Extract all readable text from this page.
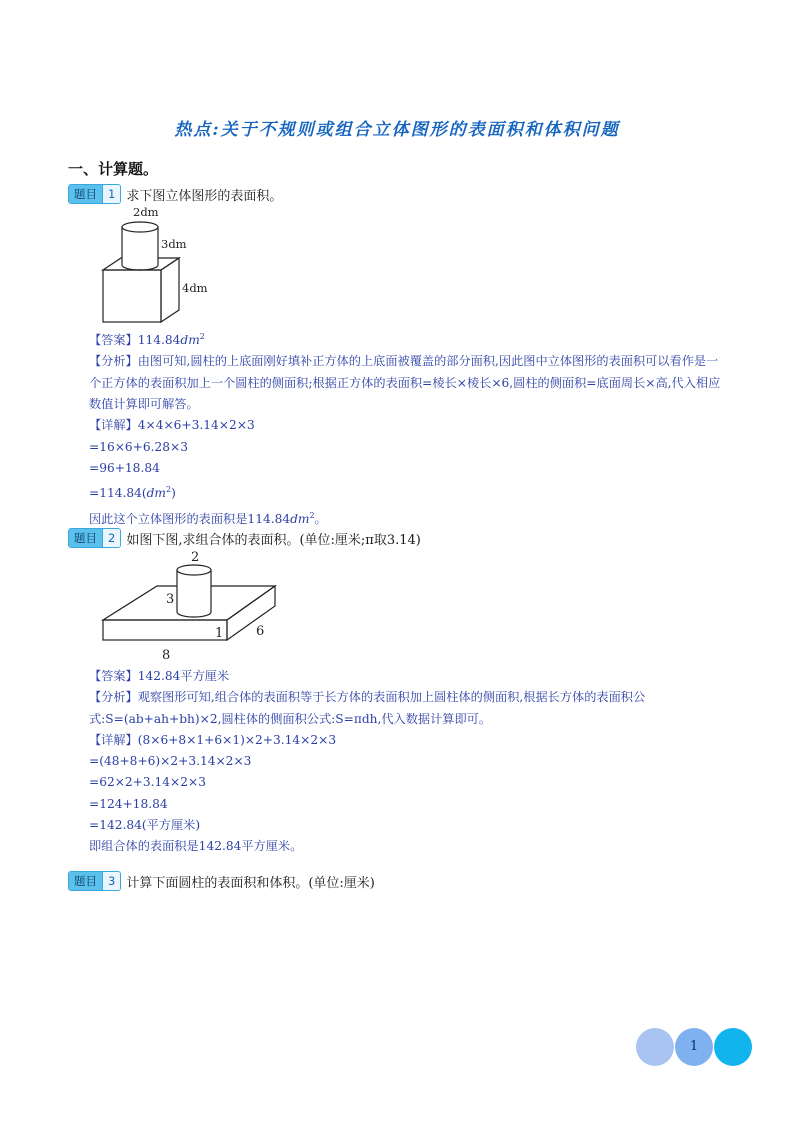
热点:关于不规则或组合立体图形的表面积和体积问题
一、计算题。
题目 1 求下图立体图形的表面积。
2dm
3dm
4dm

【答案】$114.84dm^2$

【分析】由图可知,圆柱的上底面刚好填补正方体的上底面被覆盖的部分面积,因此图中立体图形的表面积可以看作是一个正方体的表面积加上一个圆柱的侧面积;根据正方体的表面积=棱长×棱长×6,圆柱的侧面积=底面周长×高,代入相应数值计算即可解答。

【详解】4×4×6+3.14×2×3

=16×6+6.28×3

=96+18.84

$=114.84(dm^2)$

因此这个立体图形的表面积是$114.84dm^2$。

题目 2 如图下图,求组合体的表面积。(单位:厘米;π取3.14)
2
3
1	6
8

【答案】142.84平方厘米

【分析】观察图形可知,组合体的表面积等于长方体的表面积加上圆柱体的侧面积,根据长方体的表面积公

式:S=(ab+ah+bh)×2,圆柱体的侧面积公式:S=πdh,代入数据计算即可。

【详解】(8×6+8×1+6×1)×2+3.14×2×3

=(48+8+6)×2+3.14×2×3

=62×2+3.14×2×3

=124+18.84

=142.84(平方厘米)

即组合体的表面积是142.84平方厘米。

题目 3 计算下面圆柱的表面积和体积。(单位:厘米)
1
